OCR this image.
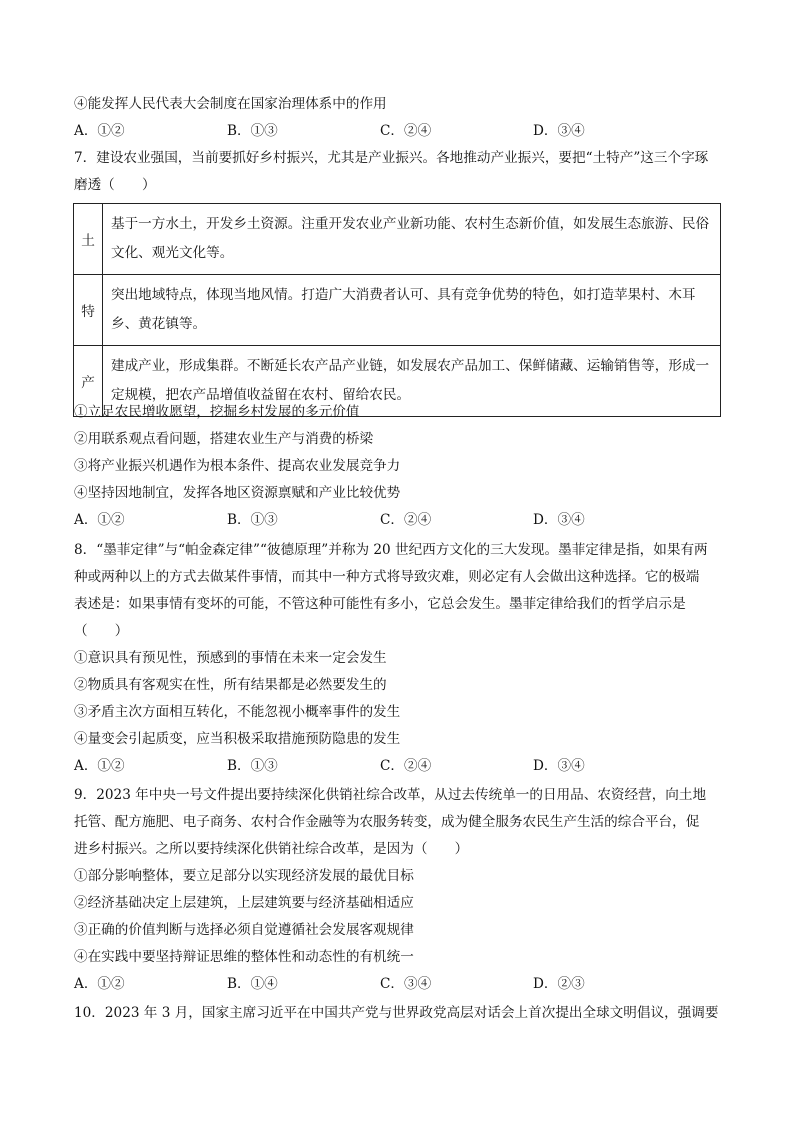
④能发挥人民代表大会制度在国家治理体系中的作用
A．①②	B．①③	C．②④	D．③④
7．建设农业强国，当前要抓好乡村振兴，尤其是产业振兴。各地推动产业振兴，要把“土特产”这三个字琢
磨透（　　）
土	基于一方水土，开发乡土资源。注重开发农业产业新功能、农村生态新价值，如发展生态旅游、民俗文化、观光文化等。
特	突出地域特点，体现当地风情。打造广大消费者认可、具有竞争优势的特色，如打造苹果村、木耳乡、黄花镇等。
产	建成产业，形成集群。不断延长农产品产业链，如发展农产品加工、保鲜储藏、运输销售等，形成一定规模，把农产品增值收益留在农村、留给农民。
①立足农民增收愿望，挖掘乡村发展的多元价值
②用联系观点看问题，搭建农业生产与消费的桥梁
③将产业振兴机遇作为根本条件、提高农业发展竞争力
④坚持因地制宜，发挥各地区资源禀赋和产业比较优势
A．①②	B．①③	C．②④	D．③④
8．“墨菲定律”与“帕金森定律”“彼德原理”并称为 20 世纪西方文化的三大发现。墨菲定律是指，如果有两
种或两种以上的方式去做某件事情，而其中一种方式将导致灾难，则必定有人会做出这种选择。它的极端
表述是：如果事情有变坏的可能，不管这种可能性有多小，它总会发生。墨菲定律给我们的哲学启示是
（　　）
①意识具有预见性，预感到的事情在未来一定会发生
②物质具有客观实在性，所有结果都是必然要发生的
③矛盾主次方面相互转化，不能忽视小概率事件的发生
④量变会引起质变，应当积极采取措施预防隐患的发生
A．①②	B．①③	C．②④	D．③④
9．2023 年中央一号文件提出要持续深化供销社综合改革，从过去传统单一的日用品、农资经营，向土地
托管、配方施肥、电子商务、农村合作金融等为农服务转变，成为健全服务农民生产生活的综合平台，促
进乡村振兴。之所以要持续深化供销社综合改革，是因为（　　）
①部分影响整体，要立足部分以实现经济发展的最优目标
②经济基础决定上层建筑，上层建筑要与经济基础相适应
③正确的价值判断与选择必须自觉遵循社会发展客观规律
④在实践中要坚持辩证思维的整体性和动态性的有机统一
A．①②	B．①④	C．③④	D．②③
10．2023 年 3 月，国家主席习近平在中国共产党与世界政党高层对话会上首次提出全球文明倡议，强调要
